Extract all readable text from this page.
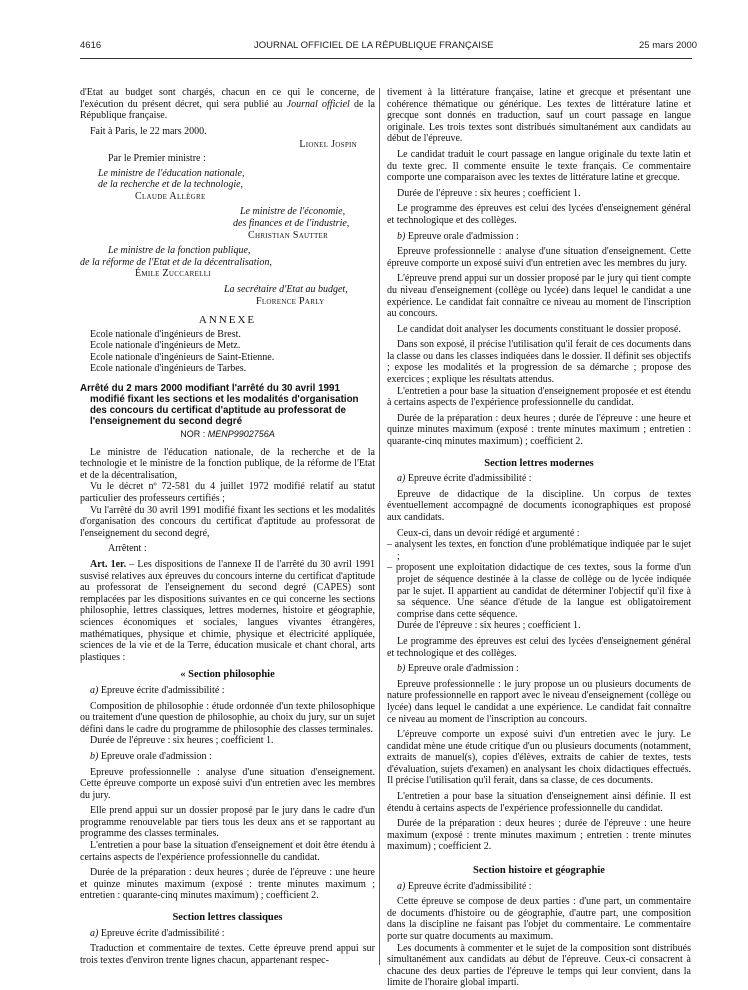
4616	JOURNAL OFFICIEL DE LA RÉPUBLIQUE FRANÇAISE	25 mars 2000

d'Etat au budget sont chargés, chacun en ce qui le concerne, de l'exécution du présent décret, qui sera publié au Journal officiel de la République française.

Fait à Paris, le 22 mars 2000.

Lionel Jospin
Par le Premier ministre :
Le ministre de l'éducation nationale,
de la recherche et de la technologie,
Claude Allègre
Le ministre de l'économie,
des finances et de l'industrie,
Christian Sautter
Le ministre de la fonction publique,
de la réforme de l'Etat et de la décentralisation,
Émile Zuccarelli
La secrétaire d'Etat au budget,
Florence Parly
ANNEXE
Ecole nationale d'ingénieurs de Brest.
Ecole nationale d'ingénieurs de Metz.
Ecole nationale d'ingénieurs de Saint-Etienne.
Ecole nationale d'ingénieurs de Tarbes.
Arrêté du 2 mars 2000 modifiant l'arrêté du 30 avril 1991 modifié fixant les sections et les modalités d'organisation des concours du certificat d'aptitude au professorat de l'enseignement du second degré
NOR : MENP9902756A

Le ministre de l'éducation nationale, de la recherche et de la technologie et le ministre de la fonction publique, de la réforme de l'Etat et de la décentralisation,

Vu le décret nº 72-581 du 4 juillet 1972 modifié relatif au statut particulier des professeurs certifiés ;

Vu l'arrêté du 30 avril 1991 modifié fixant les sections et les modalités d'organisation des concours du certificat d'aptitude au professorat de l'enseignement du second degré,

Arrêtent :

Art. 1er. – Les dispositions de l'annexe II de l'arrêté du 30 avril 1991 susvisé relatives aux épreuves du concours interne du certificat d'aptitude au professorat de l'enseignement du second degré (CAPES) sont remplacées par les dispositions suivantes en ce qui concerne les sections philosophie, lettres classiques, lettres modernes, histoire et géographie, sciences économiques et sociales, langues vivantes étrangères, mathématiques, physique et chimie, physique et électricité appliquée, sciences de la vie et de la Terre, éducation musicale et chant choral, arts plastiques :

« Section philosophie

a) Epreuve écrite d'admissibilité :

Composition de philosophie : étude ordonnée d'un texte philosophique ou traitement d'une question de philosophie, au choix du jury, sur un sujet défini dans le cadre du programme de philosophie des classes terminales.

Durée de l'épreuve : six heures ; coefficient 1.

b) Epreuve orale d'admission :

Epreuve professionnelle : analyse d'une situation d'enseignement. Cette épreuve comporte un exposé suivi d'un entretien avec les membres du jury.

Elle prend appui sur un dossier proposé par le jury dans le cadre d'un programme renouvelable par tiers tous les deux ans et se rapportant au programme des classes terminales.

L'entretien a pour base la situation d'enseignement et doit être étendu à certains aspects de l'expérience professionnelle du candidat.

Durée de la préparation : deux heures ; durée de l'épreuve : une heure et quinze minutes maximum (exposé : trente minutes maximum ; entretien : quarante-cinq minutes maximum) ; coefficient 2.

Section lettres classiques

a) Epreuve écrite d'admissibilité :

Traduction et commentaire de textes. Cette épreuve prend appui sur trois textes d'environ trente lignes chacun, appartenant respec-

tivement à la littérature française, latine et grecque et présentant une cohérence thématique ou générique. Les textes de littérature latine et grecque sont donnés en traduction, sauf un court passage en langue originale. Les trois textes sont distribués simultanément aux candidats au début de l'épreuve.

Le candidat traduit le court passage en langue originale du texte latin et du texte grec. Il commente ensuite le texte français. Ce commentaire comporte une comparaison avec les textes de littérature latine et grecque.

Durée de l'épreuve : six heures ; coefficient 1.

Le programme des épreuves est celui des lycées d'enseignement général et technologique et des collèges.

b) Epreuve orale d'admission :

Epreuve professionnelle : analyse d'une situation d'enseignement. Cette épreuve comporte un exposé suivi d'un entretien avec les membres du jury.

L'épreuve prend appui sur un dossier proposé par le jury qui tient compte du niveau d'enseignement (collège ou lycée) dans lequel le candidat a une expérience. Le candidat fait connaître ce niveau au moment de l'inscription au concours.

Le candidat doit analyser les documents constituant le dossier proposé.

Dans son exposé, il précise l'utilisation qu'il ferait de ces documents dans la classe ou dans les classes indiquées dans le dossier. Il définit ses objectifs ; expose les modalités et la progression de sa démarche ; propose des exercices ; explique les résultats attendus.

L'entretien a pour base la situation d'enseignement proposée et est étendu à certains aspects de l'expérience professionnelle du candidat.

Durée de la préparation : deux heures ; durée de l'épreuve : une heure et quinze minutes maximum (exposé : trente minutes maximum ; entretien : quarante-cinq minutes maximum) ; coefficient 2.

Section lettres modernes

a) Epreuve écrite d'admissibilité :

Epreuve de didactique de la discipline. Un corpus de textes éventuellement accompagné de documents iconographiques est proposé aux candidats.

Ceux-ci, dans un devoir rédigé et argumenté :

– analysent les textes, en fonction d'une problématique indiquée par le sujet ;

– proposent une exploitation didactique de ces textes, sous la forme d'un projet de séquence destinée à la classe de collège ou de lycée indiquée par le sujet. Il appartient au candidat de déterminer l'objectif qu'il fixe à sa séquence. Une séance d'étude de la langue est obligatoirement comprise dans cette séquence.

Durée de l'épreuve : six heures ; coefficient 1.

Le programme des épreuves est celui des lycées d'enseignement général et technologique et des collèges.

b) Epreuve orale d'admission :

Epreuve professionnelle : le jury propose un ou plusieurs documents de nature professionnelle en rapport avec le niveau d'enseignement (collège ou lycée) dans lequel le candidat a une expérience. Le candidat fait connaître ce niveau au moment de l'inscription au concours.

L'épreuve comporte un exposé suivi d'un entretien avec le jury. Le candidat mène une étude critique d'un ou plusieurs documents (notamment, extraits de manuel(s), copies d'élèves, extraits de cahier de textes, tests d'évaluation, sujets d'examen) en analysant les choix didactiques effectués. Il précise l'utilisation qu'il ferait, dans sa classe, de ces documents.

L'entretien a pour base la situation d'enseignement ainsi définie. Il est étendu à certains aspects de l'expérience professionnelle du candidat.

Durée de la préparation : deux heures ; durée de l'épreuve : une heure maximum (exposé : trente minutes maximum ; entretien : trente minutes maximum) ; coefficient 2.

Section histoire et géographie

a) Epreuve écrite d'admissibilité :

Cette épreuve se compose de deux parties : d'une part, un commentaire de documents d'histoire ou de géographie, d'autre part, une composition dans la discipline ne faisant pas l'objet du commentaire. Le commentaire porte sur quatre documents au maximum.

Les documents à commenter et le sujet de la composition sont distribués simultanément aux candidats au début de l'épreuve. Ceux-ci consacrent à chacune des deux parties de l'épreuve le temps qui leur convient, dans la limite de l'horaire global imparti.
